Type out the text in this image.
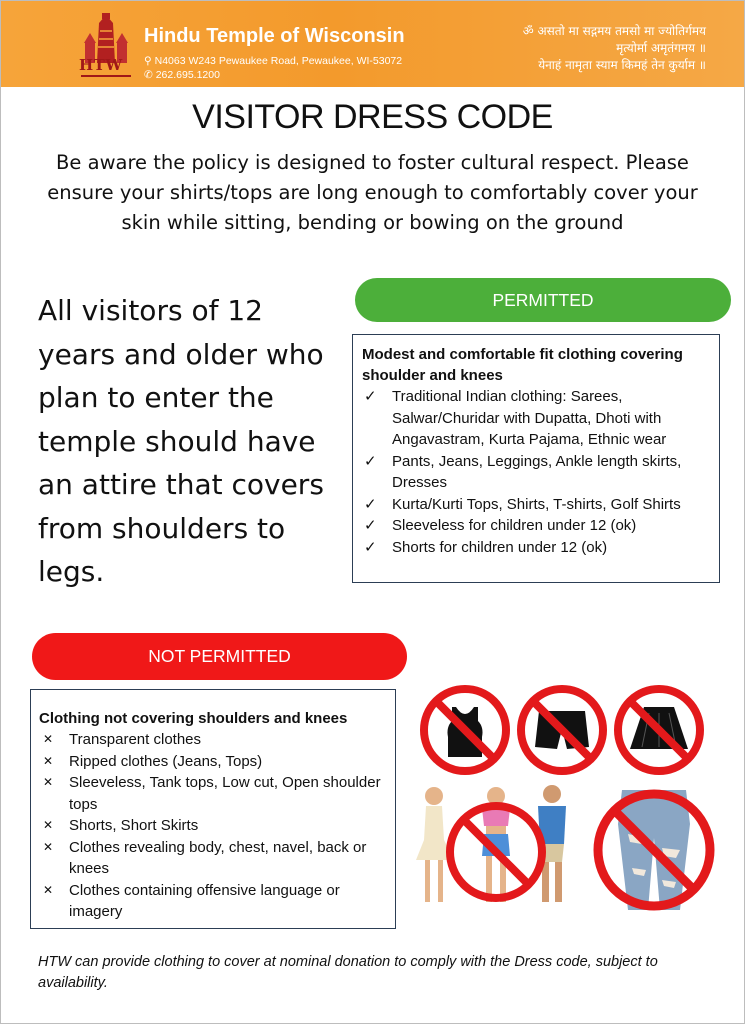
HTW
Hindu Temple of Wisconsin
⚲ N4063 W243 Pewaukee Road, Pewaukee, WI-53072
✆ 262.695.1200
ॐ असतो मा सद्गमय तमसो मा ज्योतिर्गमय
मृत्योर्मा अमृतंगमय ॥
येनाहं नामृता स्याम किमहं तेन कुर्याम ॥
VISITOR DRESS CODE
Be aware the policy is designed to foster cultural respect. Please ensure your shirts/tops are long enough to comfortably cover your skin while sitting, bending or bowing on the ground
All visitors of 12 years and older who plan to enter the temple should have an attire that covers from shoulders to legs.
PERMITTED
Modest and comfortable fit clothing covering shoulder and knees
✓ Traditional Indian clothing: Sarees, Salwar/Churidar with Dupatta, Dhoti with Angavastram, Kurta Pajama, Ethnic wear
✓ Pants, Jeans, Leggings, Ankle length skirts, Dresses
✓ Kurta/Kurti Tops, Shirts, T-shirts, Golf Shirts
✓ Sleeveless for children under 12 (ok)
✓ Shorts for children under 12 (ok)
NOT PERMITTED
Clothing not covering shoulders and knees
✕ Transparent clothes
✕ Ripped clothes (Jeans, Tops)
✕ Sleeveless, Tank tops, Low cut, Open shoulder tops
✕ Shorts, Short Skirts
✕ Clothes revealing body, chest, navel, back or knees
✕ Clothes containing offensive language or imagery
HTW can provide clothing to cover at nominal donation to comply with the Dress code, subject to availability.
